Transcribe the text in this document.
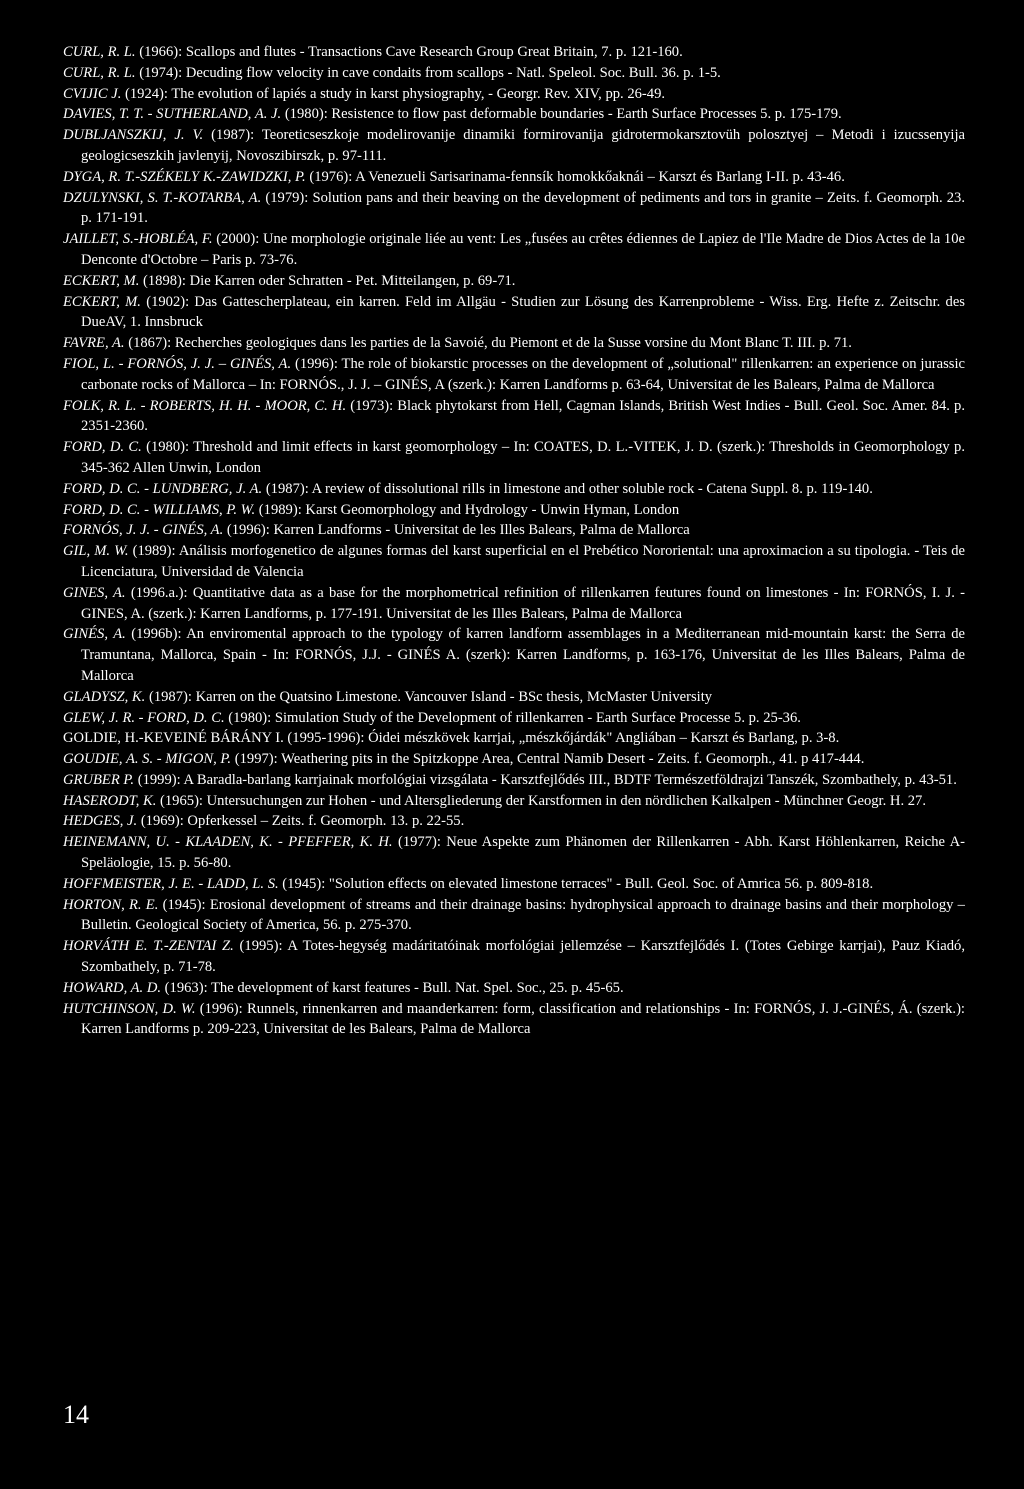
CURL, R. L. (1966): Scallops and flutes - Transactions Cave Research Group Great Britain, 7. p. 121-160.
CURL, R. L. (1974): Decuding flow velocity in cave condaits from scallops - Natl. Speleol. Soc. Bull. 36. p. 1-5.
CVIJIC J. (1924): The evolution of lapiés a study in karst physiography, - Georgr. Rev. XIV, pp. 26-49.
DAVIES, T. T. - SUTHERLAND, A. J. (1980): Resistence to flow past deformable boundaries - Earth Surface Processes 5. p. 175-179.
DUBLJANSZKIJ, J. V. (1987): Teoreticseszkoje modelirovanije dinamiki formirovanija gidrotermokarsztovüh polosztyej – Metodi i izucssenyija geologicseszkih javlenyij, Novoszibirszk, p. 97-111.
DYGA, R. T.-SZÉKELY K.-ZAWIDZKI, P. (1976): A Venezueli Sarisarinama-fennsík homokkőaknái – Karszt és Barlang I-II. p. 43-46.
DZULYNSKI, S. T.-KOTARBA, A. (1979): Solution pans and their beaving on the development of pediments and tors in granite – Zeits. f. Geomorph. 23. p. 171-191.
JAILLET, S.-HOBLÉA, F. (2000): Une morphologie originale liée au vent: Les „fusées au crêtes édiennes de Lapiez de l'Ile Madre de Dios Actes de la 10e Denconte d'Octobre – Paris p. 73-76.
ECKERT, M. (1898): Die Karren oder Schratten - Pet. Mitteilangen, p. 69-71.
ECKERT, M. (1902): Das Gattescherplateau, ein karren. Feld im Allgäu - Studien zur Lösung des Karrenprobleme - Wiss. Erg. Hefte z. Zeitschr. des DueAV, 1. Innsbruck
FAVRE, A. (1867): Recherches geologiques dans les parties de la Savoié, du Piemont et de la Susse vorsine du Mont Blanc T. III. p. 71.
FIOL, L. - FORNÓS, J. J. – GINÉS, A. (1996): The role of biokarstic processes on the development of „solutional" rillenkarren: an experience on jurassic carbonate rocks of Mallorca – In: FORNÓS., J. J. – GINÉS, A (szerk.): Karren Landforms p. 63-64, Universitat de les Balears, Palma de Mallorca
FOLK, R. L. - ROBERTS, H. H. - MOOR, C. H. (1973): Black phytokarst from Hell, Cagman Islands, British West Indies - Bull. Geol. Soc. Amer. 84. p. 2351-2360.
FORD, D. C. (1980): Threshold and limit effects in karst geomorphology – In: COATES, D. L.-VITEK, J. D. (szerk.): Thresholds in Geomorphology p. 345-362 Allen Unwin, London
FORD, D. C. - LUNDBERG, J. A. (1987): A review of dissolutional rills in limestone and other soluble rock - Catena Suppl. 8. p. 119-140.
FORD, D. C. - WILLIAMS, P. W. (1989): Karst Geomorphology and Hydrology - Unwin Hyman, London
FORNÓS, J. J. - GINÉS, A. (1996): Karren Landforms - Universitat de les Illes Balears, Palma de Mallorca
GIL, M. W. (1989): Análisis morfogenetico de algunes formas del karst superficial en el Prebético Nororiental: una aproximacion a su tipologia. - Teis de Licenciatura, Universidad de Valencia
GINES, A. (1996.a.): Quantitative data as a base for the morphometrical refinition of rillenkarren feutures found on limestones - In: FORNÓS, I. J. - GINES, A. (szerk.): Karren Landforms, p. 177-191. Universitat de les Illes Balears, Palma de Mallorca
GINÉS, A. (1996b): An enviromental approach to the typology of karren landform assemblages in a Mediterranean mid-mountain karst: the Serra de Tramuntana, Mallorca, Spain - In: FORNÓS, J.J. - GINÉS A. (szerk): Karren Landforms, p. 163-176, Universitat de les Illes Balears, Palma de Mallorca
GLADYSZ, K. (1987): Karren on the Quatsino Limestone. Vancouver Island - BSc thesis, McMaster University
GLEW, J. R. - FORD, D. C. (1980): Simulation Study of the Development of rillenkarren - Earth Surface Processe 5. p. 25-36.
GOLDIE, H.-KEVEINÉ BÁRÁNY I. (1995-1996): Óidei mészkövek karrjai, „mészkőjárdák" Angliában – Karszt és Barlang, p. 3-8.
GOUDIE, A. S. - MIGON, P. (1997): Weathering pits in the Spitzkoppe Area, Central Namib Desert - Zeits. f. Geomorph., 41. p 417-444.
GRUBER P. (1999): A Baradla-barlang karrjainak morfológiai vizsgálata - Karsztfejlődés III., BDTF Természetföldrajzi Tanszék, Szombathely, p. 43-51.
HASERODT, K. (1965): Untersuchungen zur Hohen - und Altersgliederung der Karstformen in den nördlichen Kalkalpen - Münchner Geogr. H. 27.
HEDGES, J. (1969): Opferkessel – Zeits. f. Geomorph. 13. p. 22-55.
HEINEMANN, U. - KLAADEN, K. - PFEFFER, K. H. (1977): Neue Aspekte zum Phänomen der Rillenkarren - Abh. Karst Höhlenkarren, Reiche A-Speläologie, 15. p. 56-80.
HOFFMEISTER, J. E. - LADD, L. S. (1945): "Solution effects on elevated limestone terraces" - Bull. Geol. Soc. of Amrica 56. p. 809-818.
HORTON, R. E. (1945): Erosional development of streams and their drainage basins: hydrophysical approach to drainage basins and their morphology – Bulletin. Geological Society of America, 56. p. 275-370.
HORVÁTH E. T.-ZENTAI Z. (1995): A Totes-hegység madáritatóinak morfológiai jellemzése – Karsztfejlődés I. (Totes Gebirge karrjai), Pauz Kiadó, Szombathely, p. 71-78.
HOWARD, A. D. (1963): The development of karst features - Bull. Nat. Spel. Soc., 25. p. 45-65.
HUTCHINSON, D. W. (1996): Runnels, rinnenkarren and maanderkarren: form, classification and relationships - In: FORNÓS, J. J.-GINÉS, Á. (szerk.): Karren Landforms p. 209-223, Universitat de les Balears, Palma de Mallorca
14
